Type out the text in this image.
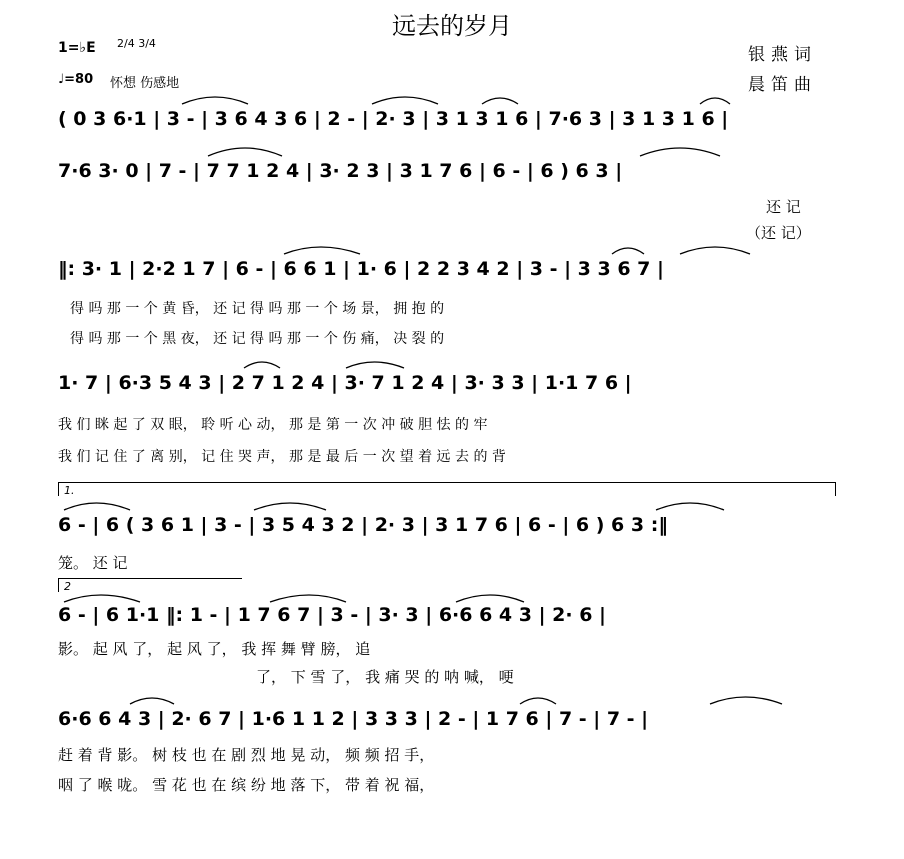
远去的岁月
1=♭E 2/4 3/4
♩=80 怀想 伤感地
银燕词
晨笛曲
( 0 3 6·1 | 3 - | 3 6 4 3 6 | 2 - | 2· 3 | 3 1 3 1 6 | 7·6 3 | 3 1 3 1 6 |
7·6 3· 0 | 7 - | 7 7 1 2 4 | 3· 2 3 | 3 1 7 6 | 6 - | 6 ) 6 3 |
还 记
（还 记）
‖: 3· 1 | 2·2 1 7 | 6 - | 6 6 1 | 1· 6 | 2 2 3 4 2 | 3 - | 3 3 6 7 |
得 吗 那 一 个 黄 昏， 还 记 得 吗 那 一 个 场 景， 拥 抱 的
得 吗 那 一 个 黑 夜， 还 记 得 吗 那 一 个 伤 痛， 决 裂 的
1· 7 | 6·3 5 4 3 | 2 7 1 2 4 | 3· 7 1 2 4 | 3· 3 3 | 1·1 7 6 |
我 们 眯 起 了 双 眼， 聆 听 心 动， 那 是 第 一 次 冲 破 胆 怯 的 牢
我 们 记 住 了 离 别， 记 住 哭 声， 那 是 最 后 一 次 望 着 远 去 的 背
1.
6 - | 6 ( 3 6 1 | 3 - | 3 5 4 3 2 | 2· 3 | 3 1 7 6 | 6 - | 6 ) 6 3 :‖
笼。 还 记
2
6 - | 6 1·1 ‖: 1 - | 1 7 6 7 | 3 - | 3· 3 | 6·6 6 4 3 | 2· 6 |
影。 起 风 了， 起 风 了， 我 挥 舞 臂 膀， 追
了， 下 雪 了， 我 痛 哭 的 呐 喊， 哽
6·6 6 4 3 | 2· 6 7 | 1·6 1 1 2 | 3 3 3 | 2 - | 1 7 6 | 7 - | 7 - |
赶 着 背 影。 树 枝 也 在 剧 烈 地 晃 动， 频 频 招 手，
咽 了 喉 咙。 雪 花 也 在 缤 纷 地 落 下， 带 着 祝 福，
